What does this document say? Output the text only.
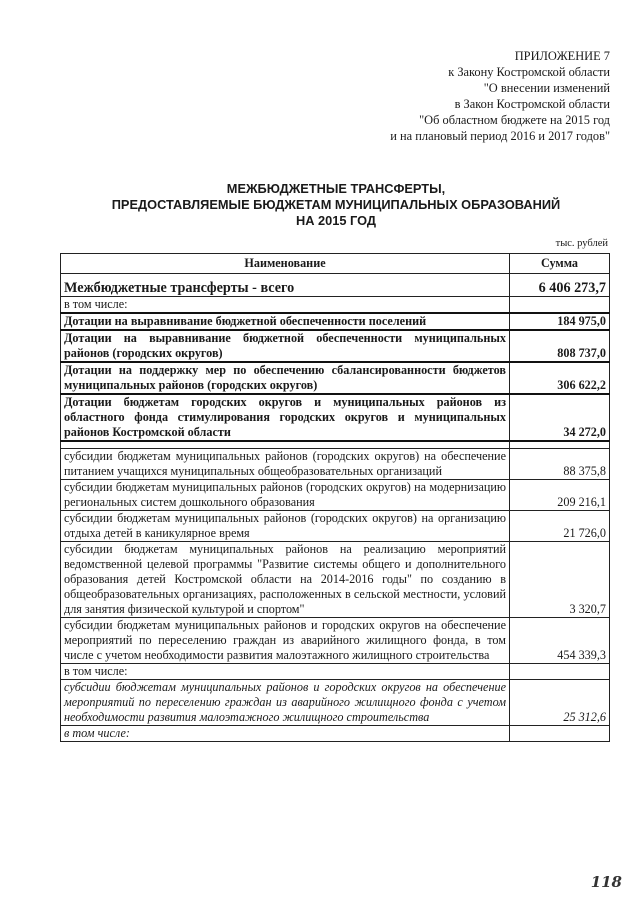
ПРИЛОЖЕНИЕ 7
к Закону Костромской области
"О внесении изменений
в Закон Костромской области
"Об областном бюджете на 2015 год
и на плановый период 2016 и 2017 годов"
МЕЖБЮДЖЕТНЫЕ ТРАНСФЕРТЫ,
ПРЕДОСТАВЛЯЕМЫЕ БЮДЖЕТАМ МУНИЦИПАЛЬНЫХ ОБРАЗОВАНИЙ
НА 2015 ГОД
тыс. рублей
Наименование	Сумма
Межбюджетные трансферты - всего	6 406 273,7
в том числе:	
Дотации на выравнивание бюджетной обеспеченности поселений	184 975,0
Дотации на выравнивание бюджетной обеспеченности муниципальных районов (городских округов)	808 737,0
Дотации на поддержку мер по обеспечению сбалансированности бюджетов муниципальных районов (городских округов)	306 622,2
Дотации бюджетам городских округов и муниципальных районов из областного фонда стимулирования городских округов и муниципальных районов Костромской области	34 272,0

субсидии бюджетам муниципальных районов (городских округов) на обеспечение питанием учащихся муниципальных общеобразовательных организаций	88 375,8
субсидии бюджетам муниципальных районов (городских округов) на модернизацию региональных систем дошкольного образования	209 216,1
субсидии бюджетам муниципальных районов (городских округов) на организацию отдыха детей в каникулярное время	21 726,0
субсидии бюджетам муниципальных районов на реализацию мероприятий ведомственной целевой программы "Развитие системы общего и дополнительного образования детей Костромской области на 2014-2016 годы" по созданию в общеобразовательных организациях, расположенных в сельской местности, условий для занятия физической культурой и спортом"	3 320,7
субсидии бюджетам муниципальных районов и городских округов на обеспечение мероприятий по переселению граждан из аварийного жилищного фонда, в том числе с учетом необходимости развития малоэтажного жилищного строительства	454 339,3
в том числе:	
субсидии бюджетам муниципальных районов и городских округов на обеспечение мероприятий по переселению граждан из аварийного жилищного фонда с учетом необходимости развития малоэтажного жилищного строительства	25 312,6
в том числе:	
118
